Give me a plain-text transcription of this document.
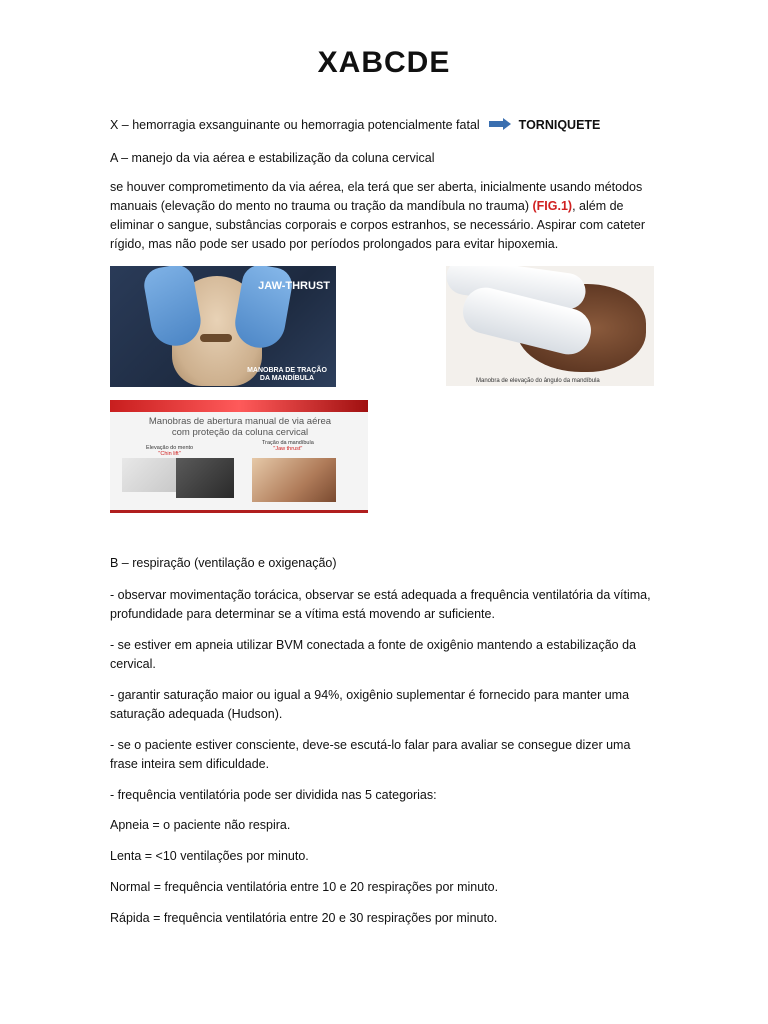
XABCDE
X – hemorragia exsanguinante ou hemorragia potencialmente fatal	TORNIQUETE
A – manejo da via aérea e estabilização da coluna cervical
se houver comprometimento da via aérea, ela terá que ser aberta, inicialmente usando métodos manuais (elevação do mento no trauma ou tração da mandíbula no trauma) (FIG.1), além de eliminar o sangue, substâncias corporais e corpos estranhos, se necessário. Aspirar com cateter rígido, mas não pode ser usado por períodos prolongados para evitar hipoxemia.
JAW-THRUST
MANOBRA DE TRAÇÃO DA MANDÍBULA	Manobra de elevação do ângulo da mandíbula
Manobras de abertura manual de via aérea com proteção da coluna cervical
Elevação do mento
"Chin lift"
Tração da mandíbula
"Jaw thrust"
B – respiração (ventilação e oxigenação)
- observar movimentação torácica, observar se está adequada a frequência ventilatória da vítima, profundidade para determinar se a vítima está movendo ar suficiente.
- se estiver em apneia utilizar BVM conectada a fonte de oxigênio mantendo a estabilização da cervical.
- garantir saturação maior ou igual a 94%, oxigênio suplementar é fornecido para manter uma saturação adequada (Hudson).
- se o paciente estiver consciente, deve-se escutá-lo falar para avaliar se consegue dizer uma frase inteira sem dificuldade.
- frequência ventilatória pode ser dividida nas 5 categorias:
Apneia = o paciente não respira.
Lenta = <10 ventilações por minuto.
Normal = frequência ventilatória entre 10 e 20 respirações por minuto.
Rápida = frequência ventilatória entre 20 e 30 respirações por minuto.
